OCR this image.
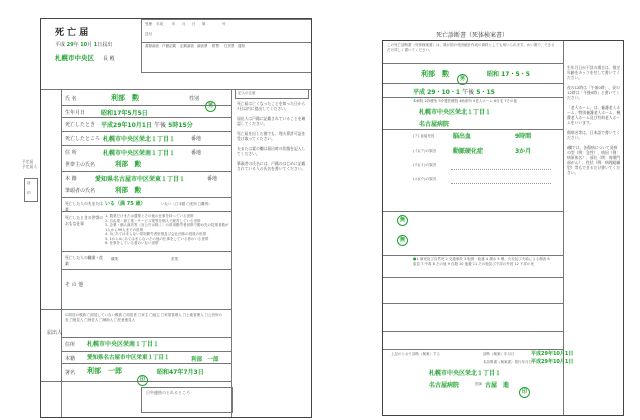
死 亡 届
平成 29年 10月 1日届出
札幌市中央区 長 殿
受理 平成	年 月 日 第	号
送付
書類調査 戸籍記載 記載調査 調査票 附票 住民票 通知
氏 名	利部　勲	性別
男
生年月日	昭和17年5月5日
死亡したとき 平成29年10月1日 午後 5時15分
死亡したところ 札幌市中央区栄北１丁目１	番地
住 所	札幌市中央区栄南１丁目１	番地
世帯主の氏名	利部　勲
本 籍	愛知県名古屋市中区栄東１丁目１	番地
筆頭者の氏名	利部　勲
死亡した人の夫または妻
いる（満 75 歳）	いない（□未婚 □死別 □離別）
死亡したときの世帯のおもな仕事
1. 農業だけまたは農業とその他の仕事を持っている世帯
2. 自由業・商工業・サービス業等を個人で経営している世帯
3. 企業・個人商店等（官公庁は除く）の常用勤労者世帯で勤め先の従業者数が1人から99人までの世帯
4. 3にあてはまらない常用勤労者世帯及び会社団体の役員の世帯
5. 1から4にあてはまらないその他の仕事をしている者のいる世帯
6. 仕事をしている者のいない世帯
死亡した人の職業・産業
職業	産業
そ の 他
届出人
☑同居の親族 □同居していない親族 □同居者 □家主 □地主 □家屋管理人 □土地管理人 □公設所の長 □後見人 □保佐人 □補助人 □任意後見人
住所 札幌市中央区栄南１丁目１
本籍 愛知県名古屋市中区栄東１丁目１	利部　一郎
署名 利部　一郎
印
昭和47年7月3日
日中連絡のとれるところ
記入の注意
死亡届は亡くなったことを知った日から7日以内に提出してください。

届出人は戸籍に記載されていることを確認してください。

死亡届を出した後でも、埋火葬許可証を受け取ってください。

夫または妻の欄は届出時の状態を記入してください。

筆頭者の氏名には、戸籍のはじめに記載されている人の氏名を書いてください。
予定届
予定届人
捨
印
死亡診断書（死体検案書）
この死亡診断書（死体検案書）は、我が国の死因統計作成の資料としても用いられます。かい書で、できるだけ詳しく書いてください。
利部　勲
男
昭和 17・5・5
平成 29・10・1 午後 5・15
①病院 2診療所 3介護医療院 4助産所 5老人ホーム 6自宅 7その他
札幌市中央区栄北１丁目１
名古屋病院
(ア) 直接死因	脳出血	9時間
(イ)(ア)の原因	動脈硬化症	3か月
(ウ)(イ)の原因
(エ)(ウ)の原因
無
無
●1 病死及び自然死 2 交通事故 3 転倒・転落 4 溺水 5 煙、火災及び火焔による傷害 6 窒息 7 中毒 8 その他 9 自殺 10 他殺 11 その他及び不詳の外因 12 不詳の死
上記のとおり診断（検案）する	診断（検案）年月日	平成29年10月1日
本診断書（検案書）発行年月日 平成29年10月1日
札幌市中央区栄北１丁目１
名古屋病院	医師 古屋　進
印
生年月日が不詳の場合は、推定年齢をカッコを付して書いてください。

夜の12時は「午前0時」、昼の12時は「午後0時」と書いてください。

「老人ホーム」は、養護老人ホーム、特別養護老人ホーム、軽費老人ホーム及び有料老人ホームをいいます。

傷病名等は、日本語で書いてください。

I欄では、各傷病について発病の型（例：急性）、病因（例：病原体名）、部位（例：胃噴門部がん）、性状（例：病理組織型）等もできるだけ書いてください。
